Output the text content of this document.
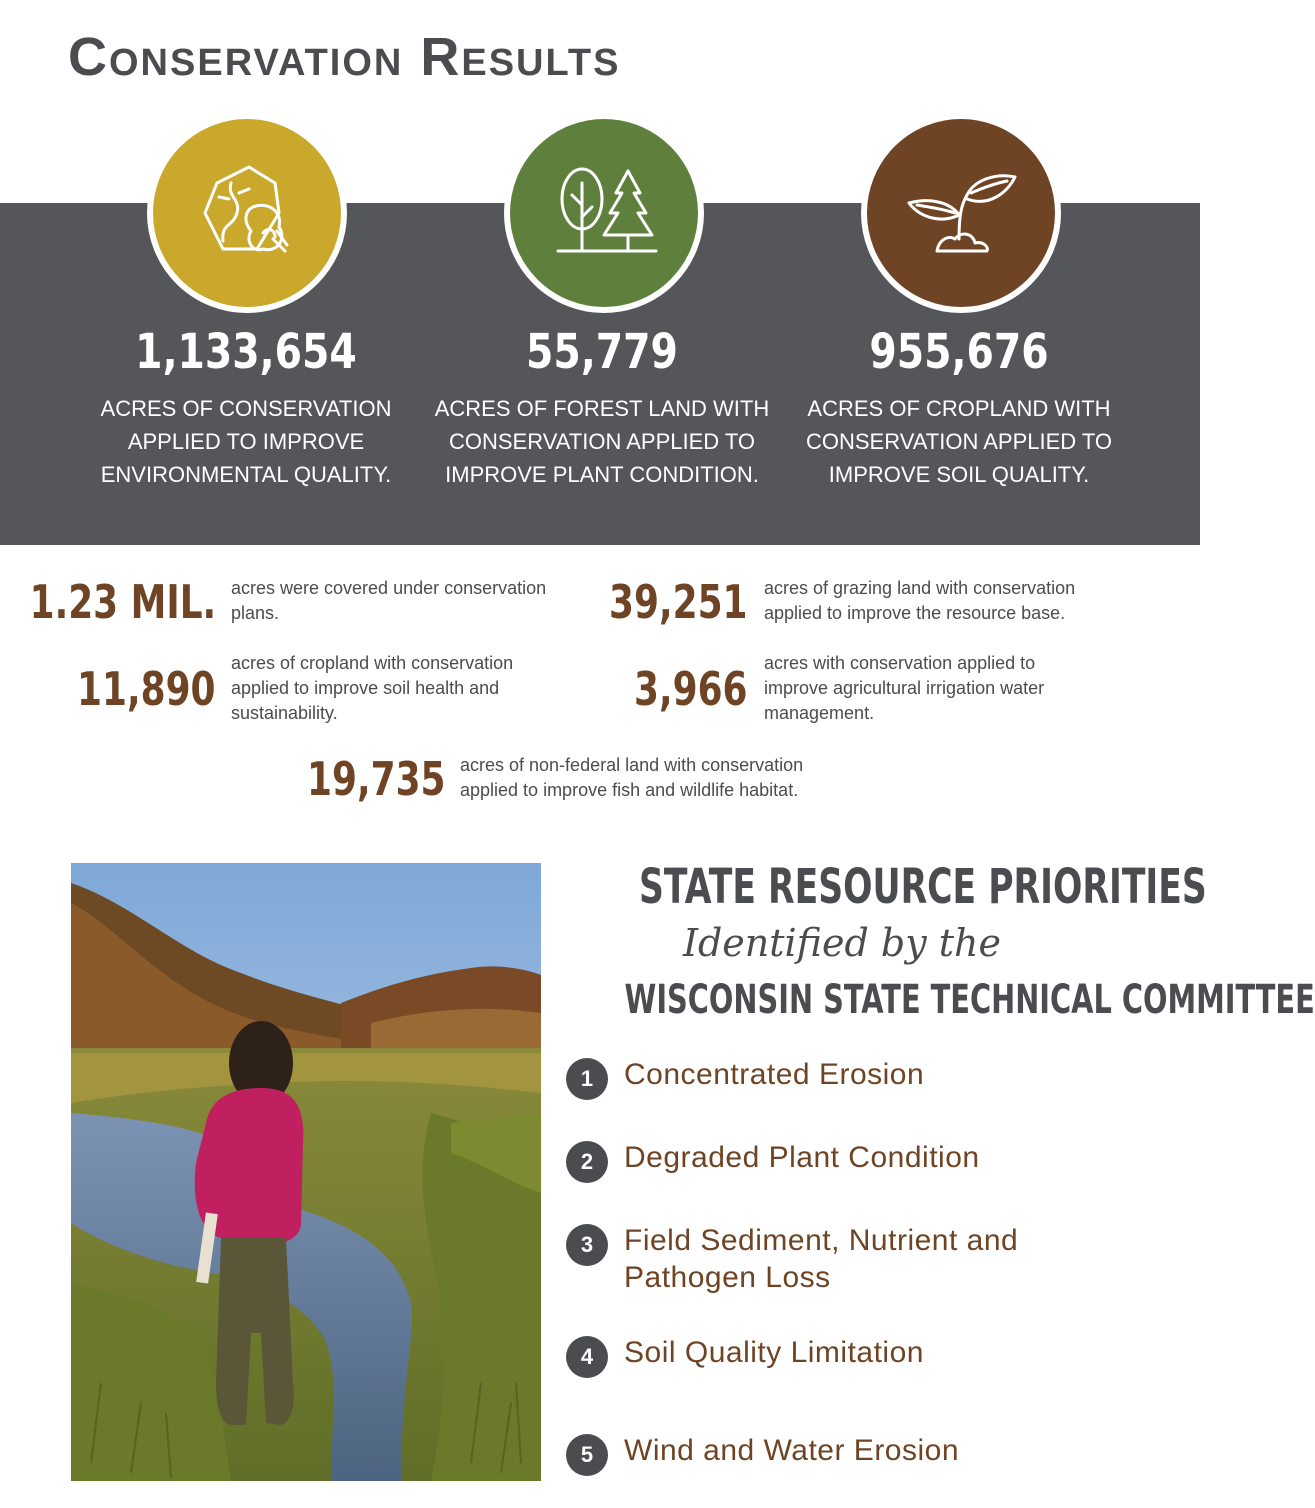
Conservation Results
1,133,654	55,779	955,676
ACRES OF CONSERVATION
APPLIED TO IMPROVE
ENVIRONMENTAL QUALITY.
ACRES OF FOREST LAND WITH
CONSERVATION APPLIED TO
IMPROVE PLANT CONDITION.
ACRES OF CROPLAND WITH
CONSERVATION APPLIED TO
IMPROVE SOIL QUALITY.
1.23 MIL. acres were covered under conservation
plans.	39,251 acres of grazing land with conservation
applied to improve the resource base.
11,890 acres of cropland with conservation
applied to improve soil health and
sustainability.	3,966 acres with conservation applied to
improve agricultural irrigation water
management.
19,735 acres of non-federal land with conservation
applied to improve fish and wildlife habitat.
STATE RESOURCE PRIORITIES
Identified by the
WISCONSIN STATE TECHNICAL COMMITTEE
1	Concentrated Erosion
2	Degraded Plant Condition
3	Field Sediment, Nutrient and
Pathogen Loss
4	Soil Quality Limitation
5	Wind and Water Erosion
